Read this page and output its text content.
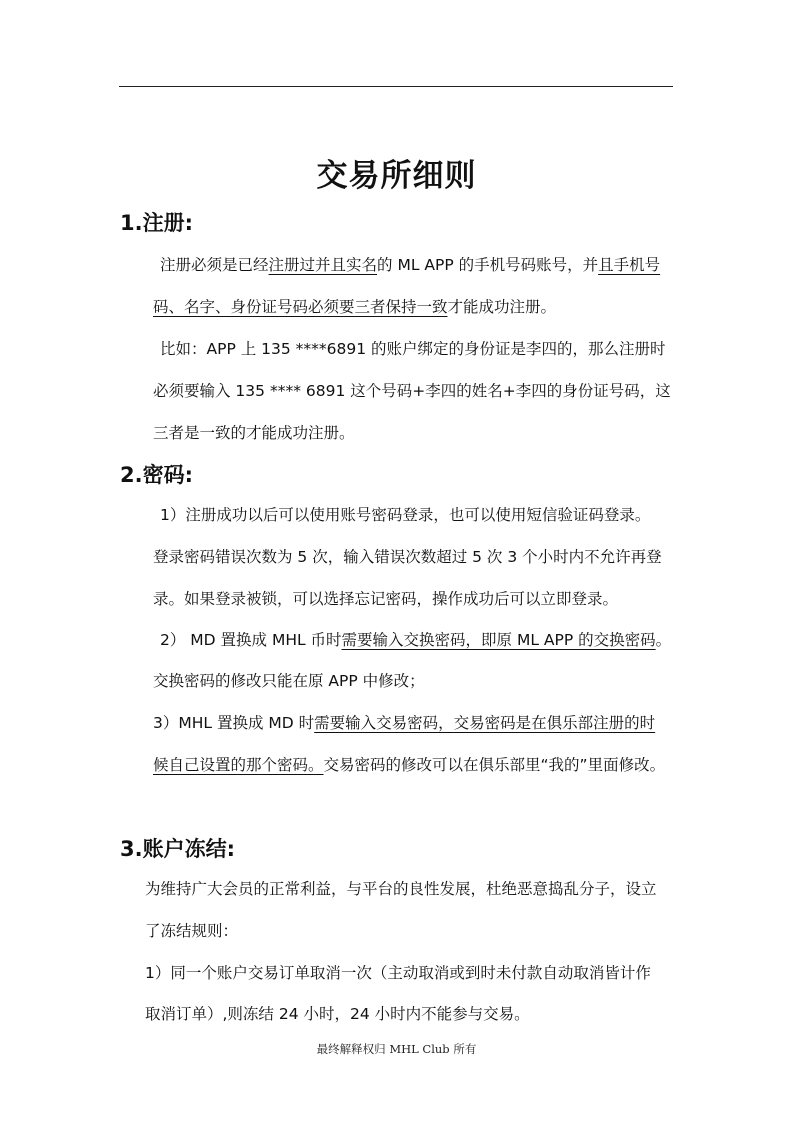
交易所细则
1.注册:
注册必须是已经注册过并且实名的 ML APP 的手机号码账号，并且手机号
码、名字、身份证号码必须要三者保持一致才能成功注册。
比如：APP 上 135 ****6891 的账户绑定的身份证是李四的，那么注册时
必须要输入 135 **** 6891 这个号码+李四的姓名+李四的身份证号码，这
三者是一致的才能成功注册。
2.密码:
1）注册成功以后可以使用账号密码登录，也可以使用短信验证码登录。
登录密码错误次数为 5 次，输入错误次数超过 5 次 3 个小时内不允许再登
录。如果登录被锁，可以选择忘记密码，操作成功后可以立即登录。
2） MD 置换成 MHL 币时需要输入交换密码，即原 ML APP 的交换密码。
交换密码的修改只能在原 APP 中修改；
3）MHL 置换成 MD 时需要输入交易密码，交易密码是在俱乐部注册的时
候自己设置的那个密码。交易密码的修改可以在俱乐部里“我的”里面修改。
3.账户冻结:
为维持广大会员的正常利益，与平台的良性发展，杜绝恶意捣乱分子，设立
了冻结规则：
1）同一个账户交易订单取消一次（主动取消或到时未付款自动取消皆计作
取消订单）,则冻结 24 小时，24 小时内不能参与交易。
最终解释权归 MHL Club 所有
